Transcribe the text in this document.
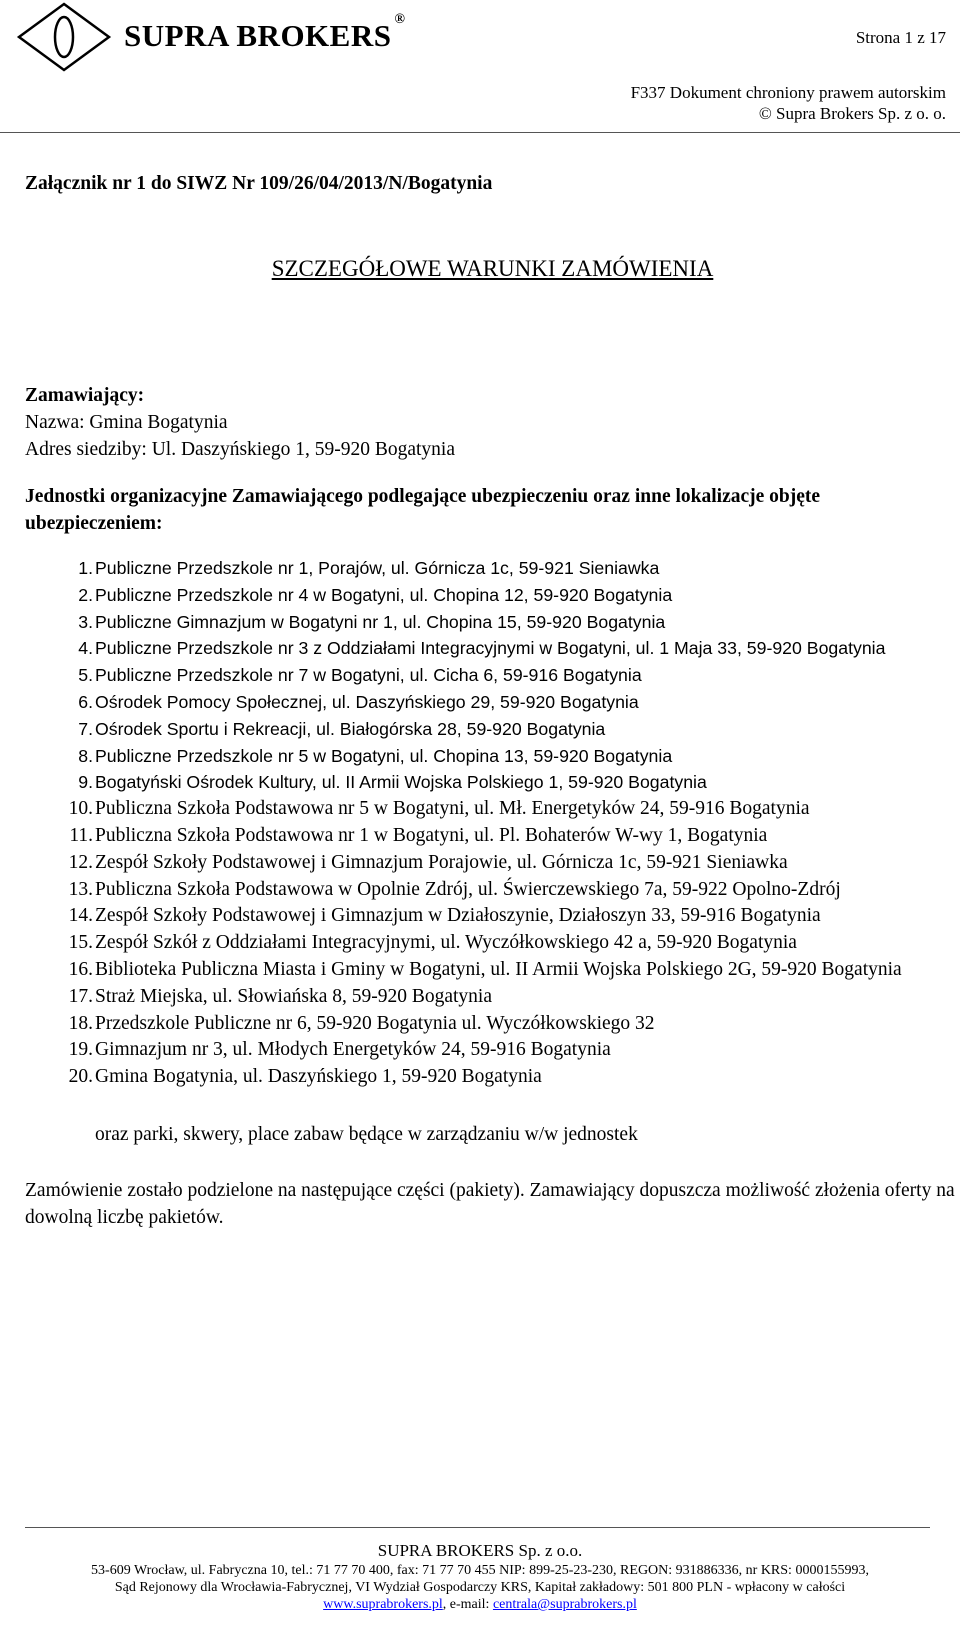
SUPRA BROKERS ®
Strona 1 z 17
F337 Dokument chroniony prawem autorskim
© Supra Brokers Sp. z o. o.

Załącznik nr 1 do SIWZ Nr 109/26/04/2013/N/Bogatynia

SZCZEGÓŁOWE WARUNKI ZAMÓWIENIA

Zamawiający:
Nazwa: Gmina Bogatynia
Adres siedziby: Ul. Daszyńskiego 1, 59-920 Bogatynia
Jednostki organizacyjne Zamawiającego podlegające ubezpieczeniu oraz inne lokalizacje objęte ubezpieczeniem:
1. Publiczne Przedszkole nr 1, Porajów, ul. Górnicza 1c, 59-921 Sieniawka
2. Publiczne Przedszkole nr 4 w Bogatyni, ul. Chopina 12, 59-920 Bogatynia
3. Publiczne Gimnazjum w Bogatyni nr 1, ul. Chopina 15, 59-920 Bogatynia
4. Publiczne Przedszkole nr 3 z Oddziałami Integracyjnymi w Bogatyni, ul. 1 Maja 33, 59-920 Bogatynia
5. Publiczne Przedszkole nr 7 w Bogatyni, ul. Cicha 6, 59-916 Bogatynia
6. Ośrodek Pomocy Społecznej, ul. Daszyńskiego 29, 59-920 Bogatynia
7. Ośrodek Sportu i Rekreacji, ul. Białogórska 28, 59-920 Bogatynia
8. Publiczne Przedszkole nr 5 w Bogatyni, ul. Chopina 13, 59-920 Bogatynia
9. Bogatyński Ośrodek Kultury, ul. II Armii Wojska Polskiego 1, 59-920 Bogatynia
10. Publiczna Szkoła Podstawowa nr 5 w Bogatyni, ul. Mł. Energetyków 24, 59-916 Bogatynia
11. Publiczna Szkoła Podstawowa nr 1 w Bogatyni, ul. Pl. Bohaterów W-wy 1, Bogatynia
12. Zespół Szkoły Podstawowej i Gimnazjum Porajowie, ul. Górnicza 1c, 59-921 Sieniawka
13. Publiczna Szkoła Podstawowa w Opolnie Zdrój, ul. Świerczewskiego 7a, 59-922 Opolno-Zdrój
14. Zespół Szkoły Podstawowej i Gimnazjum w Działoszynie, Działoszyn 33, 59-916 Bogatynia
15. Zespół Szkół z Oddziałami Integracyjnymi, ul. Wyczółkowskiego 42 a, 59-920 Bogatynia
16. Biblioteka Publiczna Miasta i Gminy w Bogatyni, ul. II Armii Wojska Polskiego 2G, 59-920 Bogatynia
17. Straż Miejska, ul. Słowiańska 8, 59-920 Bogatynia
18. Przedszkole Publiczne nr 6, 59-920 Bogatynia ul. Wyczółkowskiego 32
19. Gimnazjum nr 3, ul. Młodych Energetyków 24, 59-916 Bogatynia
20. Gmina Bogatynia, ul. Daszyńskiego 1, 59-920 Bogatynia
oraz parki, skwery, place zabaw będące w zarządzaniu w/w jednostek
Zamówienie zostało podzielone na następujące części (pakiety). Zamawiający dopuszcza możliwość złożenia oferty na dowolną liczbę pakietów.
SUPRA BROKERS Sp. z o.o.
53-609 Wrocław, ul. Fabryczna 10, tel.: 71 77 70 400, fax: 71 77 70 455 NIP: 899-25-23-230, REGON: 931886336, nr KRS: 0000155993,
Sąd Rejonowy dla Wrocławia-Fabrycznej, VI Wydział Gospodarczy KRS, Kapitał zakładowy: 501 800 PLN - wpłacony w całości
www.suprabrokers.pl, e-mail: centrala@suprabrokers.pl
